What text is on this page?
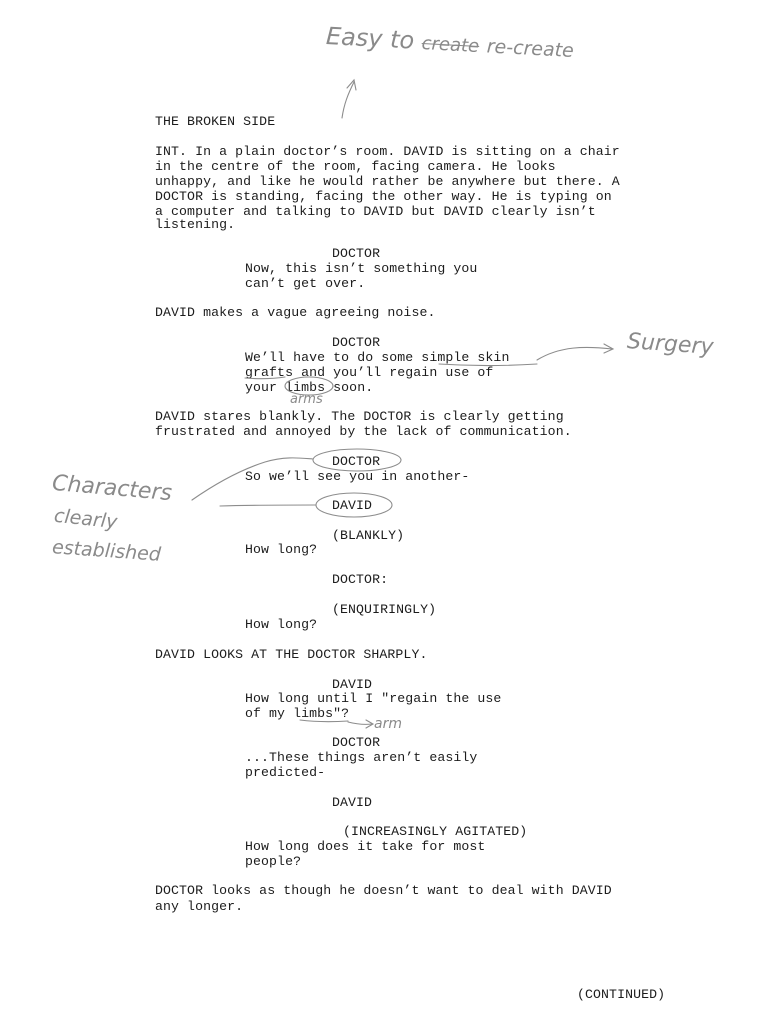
Easy to create re-create
THE BROKEN SIDE
INT. In a plain doctor’s room. DAVID is sitting on a chair
in the centre of the room, facing camera. He looks
unhappy, and like he would rather be anywhere but there. A
DOCTOR is standing, facing the other way. He is typing on
a computer and talking to DAVID but DAVID clearly isn’t
listening.
DOCTOR
Now, this isn’t something you
can’t get over.
DAVID makes a vague agreeing noise.
DOCTOR
We’ll have to do some simple skin
grafts and you’ll regain use of
your limbs soon.
Surgery
arms
DAVID stares blankly. The DOCTOR is clearly getting
frustrated and annoyed by the lack of communication.
DOCTOR
So we’ll see you in another-
DAVID
(BLANKLY)
How long?
Characters
clearly
established
DOCTOR:
(ENQUIRINGLY)
How long?
DAVID LOOKS AT THE DOCTOR SHARPLY.
DAVID
How long until I "regain the use
of my limbs"?
arm
DOCTOR
...These things aren’t easily
predicted-
DAVID
(INCREASINGLY AGITATED)
How long does it take for most
people?
DOCTOR looks as though he doesn’t want to deal with DAVID
any longer.
(CONTINUED)
